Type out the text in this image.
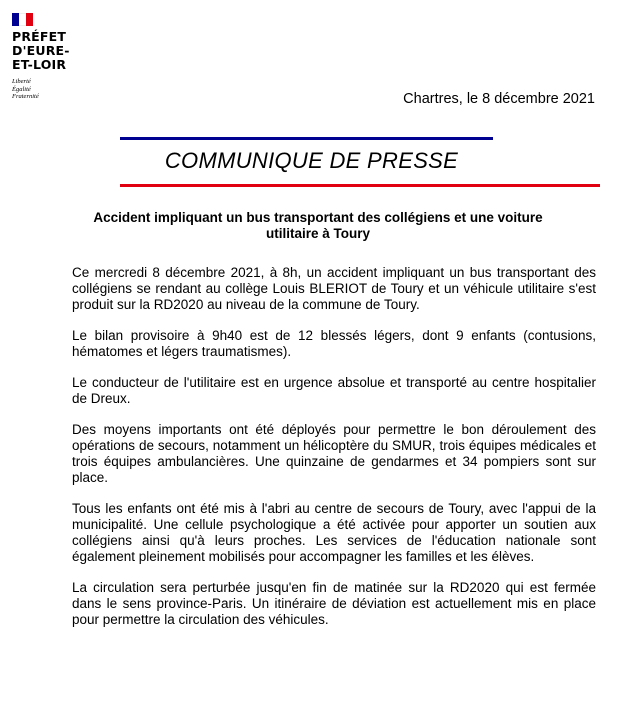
PRÉFET
D'EURE-
ET-LOIR
Liberté
Égalité
Fraternité	Chartres, le 8 décembre 2021
COMMUNIQUE DE PRESSE
Accident impliquant un bus transportant des collégiens et une voiture utilitaire à Toury

Ce mercredi 8 décembre 2021, à 8h, un accident impliquant un bus transportant des collégiens se rendant au collège Louis BLERIOT de Toury et un véhicule utilitaire s'est produit sur la RD2020 au niveau de la commune de Toury.

Le bilan provisoire à 9h40 est de 12 blessés légers, dont 9 enfants (contusions, hématomes et légers traumatismes).

Le conducteur de l'utilitaire est en urgence absolue et transporté au centre hospitalier de Dreux.

Des moyens importants ont été déployés pour permettre le bon déroulement des opérations de secours, notamment un hélicoptère du SMUR, trois équipes médicales et trois équipes ambulancières. Une quinzaine de gendarmes et 34 pompiers sont sur place.

Tous les enfants ont été mis à l'abri au centre de secours de Toury, avec l'appui de la municipalité. Une cellule psychologique a été activée pour apporter un soutien aux collégiens ainsi qu'à leurs proches. Les services de l'éducation nationale sont également pleinement mobilisés pour accompagner les familles et les élèves.

La circulation sera perturbée jusqu'en fin de matinée sur la RD2020 qui est fermée dans le sens province-Paris. Un itinéraire de déviation est actuellement mis en place pour permettre la circulation des véhicules.
